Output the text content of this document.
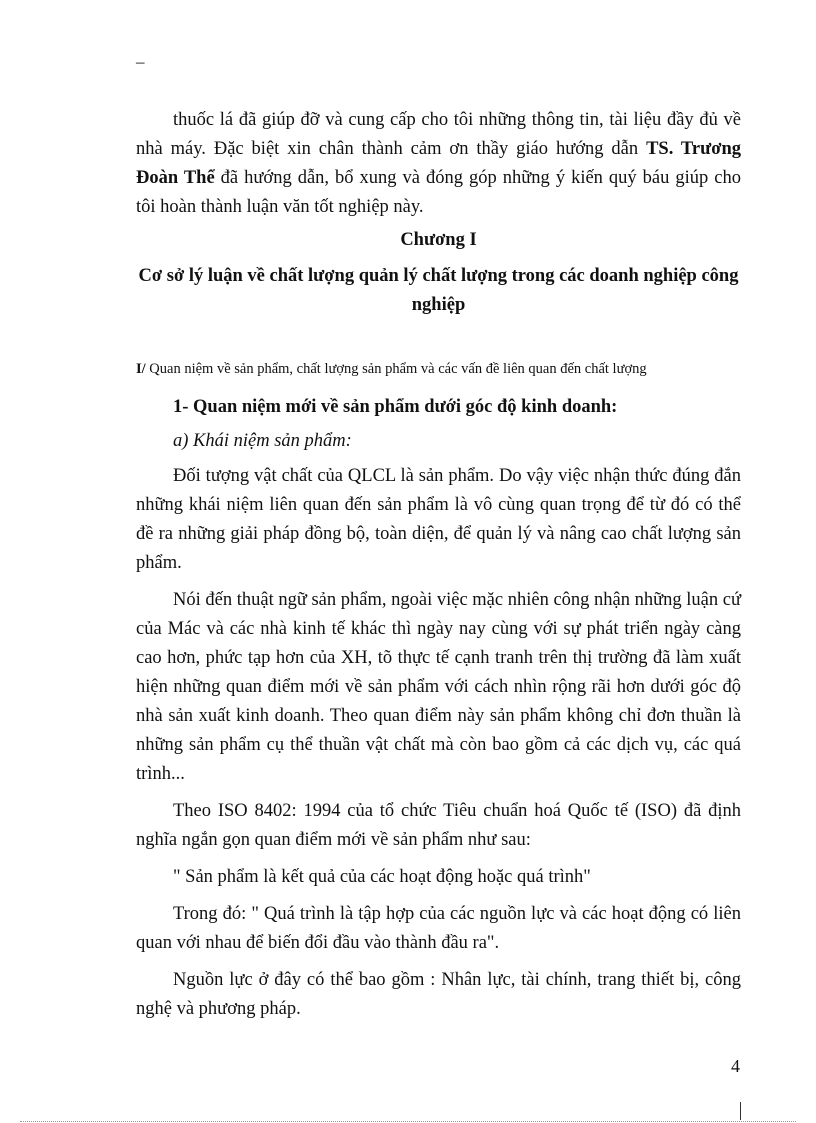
–

thuốc lá đã giúp đỡ và cung cấp cho tôi những thông tin, tài liệu đầy đủ về nhà máy. Đặc biệt xin chân thành cảm ơn thầy giáo hướng dẫn TS. Trương Đoàn Thể đã hướng dẫn, bổ xung và đóng góp những ý kiến quý báu giúp cho tôi hoàn thành luận văn tốt nghiệp này.

Chương I
Cơ sở lý luận về chất lượng quản lý chất lượng trong các doanh nghiệp công nghiệp
I/ Quan niệm về sản phẩm, chất lượng sản phẩm và các vấn đề liên quan đến chất lượng
1- Quan niệm mới về sản phẩm dưới góc độ kinh doanh:
a) Khái niệm sản phẩm:

Đối tượng vật chất của QLCL là sản phẩm. Do vậy việc nhận thức đúng đắn những khái niệm liên quan đến sản phẩm là vô cùng quan trọng để từ đó có thể đề ra những giải pháp đồng bộ, toàn diện, để quản lý và nâng cao chất lượng sản phẩm.

Nói đến thuật ngữ sản phẩm, ngoài việc mặc nhiên công nhận những luận cứ của Mác và các nhà kinh tế khác thì ngày nay cùng với sự phát triển ngày càng cao hơn, phức tạp hơn của XH, tõ thực tế cạnh tranh trên thị trường đã làm xuất hiện những quan điểm mới về sản phẩm với cách nhìn rộng rãi hơn dưới góc độ nhà sản xuất kinh doanh. Theo quan điểm này sản phẩm không chỉ đơn thuần là những sản phẩm cụ thể thuần vật chất mà còn bao gồm cả các dịch vụ, các quá trình...

Theo ISO 8402: 1994 của tổ chức Tiêu chuẩn hoá Quốc tế (ISO) đã định nghĩa ngắn gọn quan điểm mới về sản phẩm như sau:

" Sản phẩm là kết quả của các hoạt động hoặc quá trình"

Trong đó: " Quá trình là tập hợp của các nguồn lực và các hoạt động có liên quan với nhau để biến đổi đầu vào thành đầu ra".

Nguồn lực ở đây có thể bao gồm : Nhân lực, tài chính, trang thiết bị, công nghệ và phương pháp.

4
